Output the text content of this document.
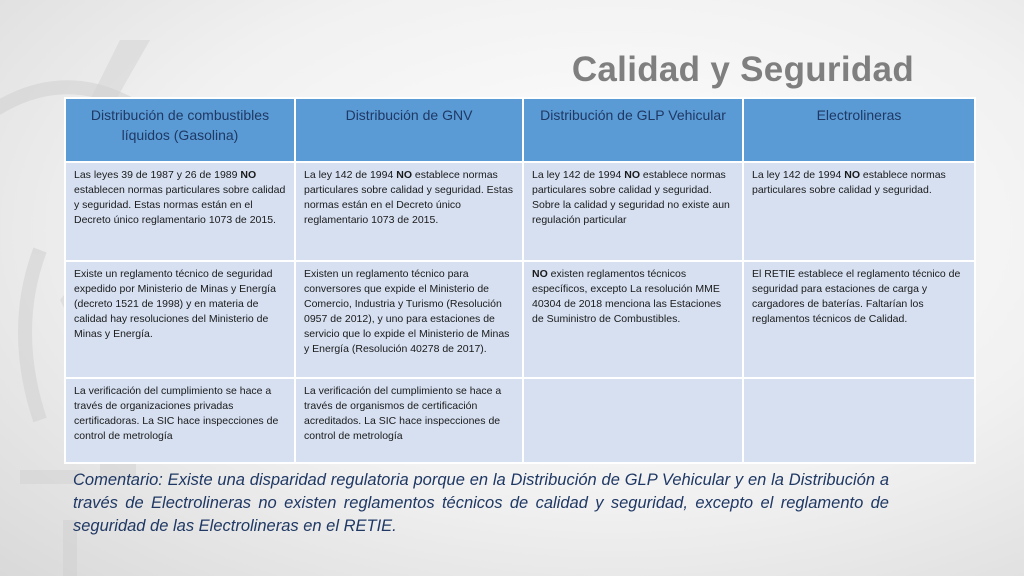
Calidad y Seguridad
Distribución de combustibles líquidos (Gasolina)	Distribución de GNV	Distribución de GLP Vehicular	Electrolineras
Las leyes 39 de 1987 y 26 de 1989 NO establecen normas particulares sobre calidad y seguridad. Estas normas están en el Decreto único reglamentario 1073 de 2015.	La ley 142 de 1994 NO establece normas particulares sobre calidad y seguridad. Estas normas están en el Decreto único reglamentario 1073 de 2015.	La ley 142 de 1994 NO establece normas particulares sobre calidad y seguridad. Sobre la calidad y seguridad no existe aun regulación particular	La ley 142 de 1994 NO establece normas particulares sobre calidad y seguridad.
Existe un reglamento técnico de seguridad expedido por Ministerio de Minas y Energía (decreto 1521 de 1998) y en materia de calidad hay resoluciones del Ministerio de Minas y Energía.	Existen un reglamento técnico para conversores que expide el Ministerio de Comercio, Industria y Turismo (Resolución 0957 de 2012), y uno para estaciones de servicio que lo expide el Ministerio de Minas y Energía (Resolución 40278 de 2017).	NO existen reglamentos técnicos específicos, excepto La resolución MME 40304 de 2018 menciona las Estaciones de Suministro de Combustibles.	El RETIE establece el reglamento técnico de seguridad para estaciones de carga y cargadores de baterías. Faltarían los reglamentos técnicos de Calidad.
La verificación del cumplimiento se hace a través de organizaciones privadas certificadoras. La SIC hace inspecciones de control de metrología	La verificación del cumplimiento se hace a través de organismos de certificación acreditados. La SIC hace inspecciones de control de metrología		
Comentario: Existe una disparidad regulatoria porque en la Distribución de GLP Vehicular y en la Distribución a través de Electrolineras no existen reglamentos técnicos de calidad y seguridad, excepto el reglamento de seguridad de las Electrolineras en el RETIE.
